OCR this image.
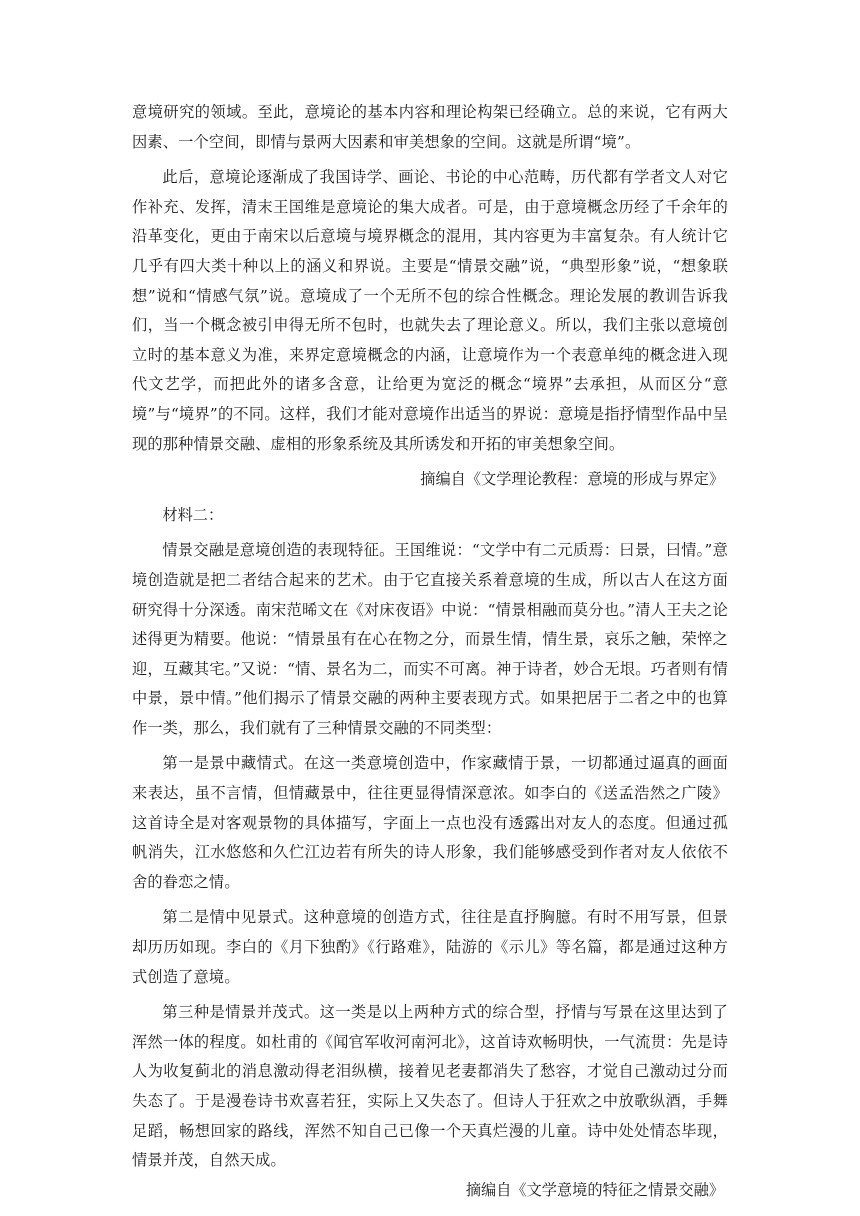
意境研究的领域。至此，意境论的基本内容和理论构架已经确立。总的来说，它有两大因素、一个空间，即情与景两大因素和审美想象的空间。这就是所谓“境”。

此后，意境论逐渐成了我国诗学、画论、书论的中心范畴，历代都有学者文人对它作补充、发挥，清末王国维是意境论的集大成者。可是，由于意境概念历经了千余年的沿革变化，更由于南宋以后意境与境界概念的混用，其内容更为丰富复杂。有人统计它几乎有四大类十种以上的涵义和界说。主要是“情景交融”说，“典型形象”说，“想象联想”说和“情感气氛”说。意境成了一个无所不包的综合性概念。理论发展的教训告诉我们，当一个概念被引申得无所不包时，也就失去了理论意义。所以，我们主张以意境创立时的基本意义为准，来界定意境概念的内涵，让意境作为一个表意单纯的概念进入现代文艺学，而把此外的诸多含意，让给更为宽泛的概念“境界”去承担，从而区分“意境”与“境界”的不同。这样，我们才能对意境作出适当的界说：意境是指抒情型作品中呈现的那种情景交融、虚相的形象系统及其所诱发和开拓的审美想象空间。

摘编自《文学理论教程：意境的形成与界定》

材料二：

情景交融是意境创造的表现特征。王国维说：“文学中有二元质焉：曰景，曰情。”意境创造就是把二者结合起来的艺术。由于它直接关系着意境的生成，所以古人在这方面研究得十分深透。南宋范晞文在《对床夜语》中说：“情景相融而莫分也。”清人王夫之论述得更为精要。他说：“情景虽有在心在物之分，而景生情，情生景，哀乐之触，荣悴之迎，互藏其宅。”又说：“情、景名为二，而实不可离。神于诗者，妙合无垠。巧者则有情中景，景中情。”他们揭示了情景交融的两种主要表现方式。如果把居于二者之中的也算作一类，那么，我们就有了三种情景交融的不同类型：

第一是景中藏情式。在这一类意境创造中，作家藏情于景，一切都通过逼真的画面来表达，虽不言情，但情藏景中，往往更显得情深意浓。如李白的《送孟浩然之广陵》这首诗全是对客观景物的具体描写，字面上一点也没有透露出对友人的态度。但通过孤帆消失，江水悠悠和久伫江边若有所失的诗人形象，我们能够感受到作者对友人依依不舍的眷恋之情。

第二是情中见景式。这种意境的创造方式，往往是直抒胸臆。有时不用写景，但景却历历如现。李白的《月下独酌》《行路难》，陆游的《示儿》等名篇，都是通过这种方式创造了意境。

第三种是情景并茂式。这一类是以上两种方式的综合型，抒情与写景在这里达到了浑然一体的程度。如杜甫的《闻官军收河南河北》，这首诗欢畅明快，一气流贯：先是诗人为收复蓟北的消息激动得老泪纵横，接着见老妻都消失了愁容，才觉自己激动过分而失态了。于是漫卷诗书欢喜若狂，实际上又失态了。但诗人于狂欢之中放歌纵酒，手舞足蹈，畅想回家的路线，浑然不知自己已像一个天真烂漫的儿童。诗中处处情态毕现，情景并茂，自然天成。

摘编自《文学意境的特征之情景交融》
